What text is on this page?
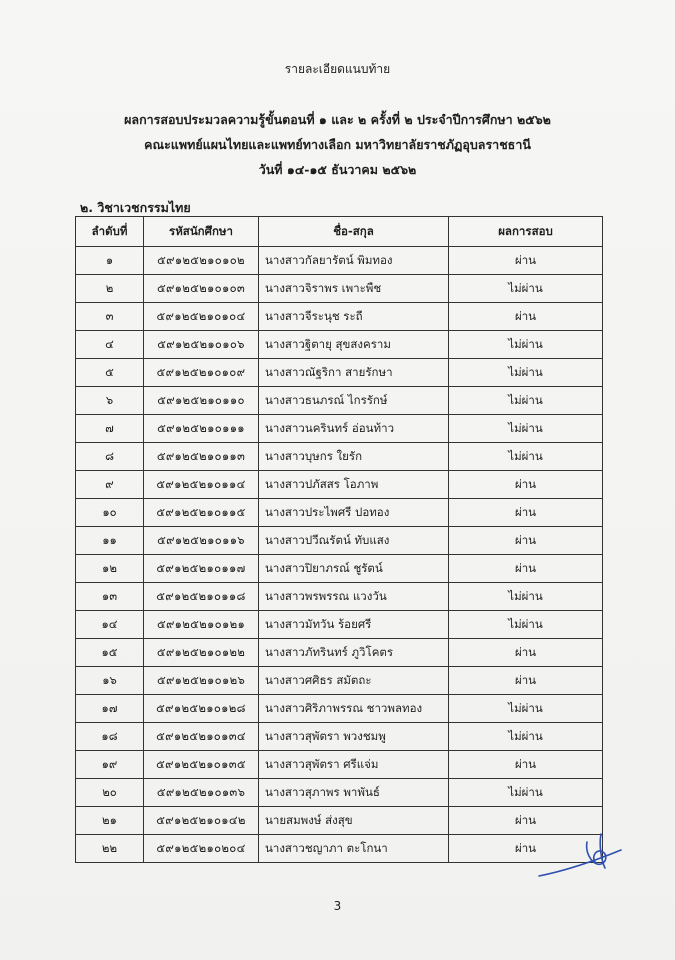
รายละเอียดแนบท้าย
ผลการสอบประมวลความรู้ขั้นตอนที่ ๑ และ ๒ ครั้งที่ ๒ ประจำปีการศึกษา ๒๕๖๒
คณะแพทย์แผนไทยและแพทย์ทางเลือก มหาวิทยาลัยราชภัฏอุบลราชธานี
วันที่ ๑๔-๑๕ ธันวาคม ๒๕๖๒
๒. วิชาเวชกรรมไทย
ลำดับที่	รหัสนักศึกษา	ชื่อ-สกุล	ผลการสอบ
๑	๕๙๑๒๕๒๑๐๑๐๒	นางสาวกัลยารัตน์ พิมทอง	ผ่าน
๒	๕๙๑๒๕๒๑๐๑๐๓	นางสาวจิราพร เพาะพืช	ไม่ผ่าน
๓	๕๙๑๒๕๒๑๐๑๐๔	นางสาวจีระนุช ระถี	ผ่าน
๔	๕๙๑๒๕๒๑๐๑๐๖	นางสาวฐิตายุ สุขสงคราม	ไม่ผ่าน
๕	๕๙๑๒๕๒๑๐๑๐๙	นางสาวณัฐริกา สายรักษา	ไม่ผ่าน
๖	๕๙๑๒๕๒๑๐๑๑๐	นางสาวธนภรณ์ ไกรรักษ์	ไม่ผ่าน
๗	๕๙๑๒๕๒๑๐๑๑๑	นางสาวนครินทร์ อ่อนท้าว	ไม่ผ่าน
๘	๕๙๑๒๕๒๑๐๑๑๓	นางสาวบุษกร ใยรัก	ไม่ผ่าน
๙	๕๙๑๒๕๒๑๐๑๑๔	นางสาวปภัสสร โอภาพ	ผ่าน
๑๐	๕๙๑๒๕๒๑๐๑๑๕	นางสาวประไพศรี ปอทอง	ผ่าน
๑๑	๕๙๑๒๕๒๑๐๑๑๖	นางสาวปวีณรัตน์ ทับแสง	ผ่าน
๑๒	๕๙๑๒๕๒๑๐๑๑๗	นางสาวปิยาภรณ์ ชูรัตน์	ผ่าน
๑๓	๕๙๑๒๕๒๑๐๑๑๘	นางสาวพรพรรณ แวงวัน	ไม่ผ่าน
๑๔	๕๙๑๒๕๒๑๐๑๒๑	นางสาวมัทวัน ร้อยศรี	ไม่ผ่าน
๑๕	๕๙๑๒๕๒๑๐๑๒๒	นางสาวภัทรินทร์ ภูวิโคตร	ผ่าน
๑๖	๕๙๑๒๕๒๑๐๑๒๖	นางสาวศศิธร สมัตถะ	ผ่าน
๑๗	๕๙๑๒๕๒๑๐๑๒๘	นางสาวศิริภาพรรณ ชาวพลทอง	ไม่ผ่าน
๑๘	๕๙๑๒๕๒๑๐๑๓๔	นางสาวสุพัตรา พวงชมพู	ไม่ผ่าน
๑๙	๕๙๑๒๕๒๑๐๑๓๕	นางสาวสุพัตรา ศรีแจ่ม	ผ่าน
๒๐	๕๙๑๒๕๒๑๐๑๓๖	นางสาวสุภาพร พาพันธ์	ไม่ผ่าน
๒๑	๕๙๑๒๕๒๑๐๑๔๒	นายสมพงษ์ ส่งสุข	ผ่าน
๒๒	๕๙๑๒๕๒๑๐๒๐๔	นางสาวชญาภา ตะโกนา	ผ่าน
3
